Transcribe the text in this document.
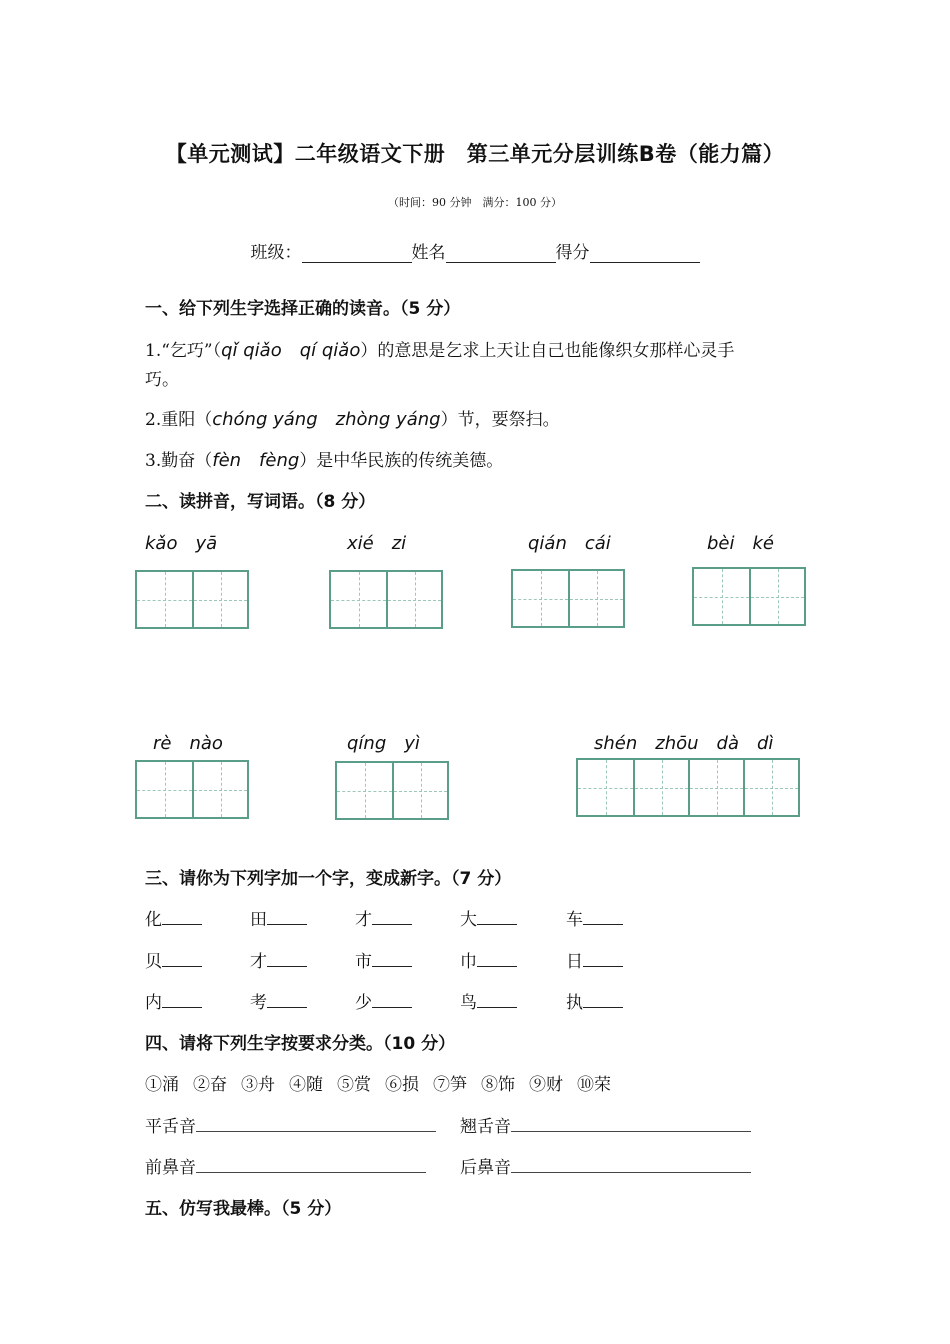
【单元测试】二年级语文下册　第三单元分层训练B卷（能力篇）
（时间：90 分钟　满分：100 分）
班级：	姓名	得分
一、给下列生字选择正确的读音。（5 分）
1.“乞巧”（qǐ qiǎo　qí qiǎo）的意思是乞求上天让自己也能像织女那样心灵手
巧。
2.重阳（chóng yáng　zhòng yáng）节，要祭扫。
3.勤奋（fèn　fèng）是中华民族的传统美德。
二、读拼音，写词语。（8 分）
kǎo　yā	xié　zi	qián　cái	bèi　ké
rè　nào	qíng　yì	shén　zhōu　dà　dì
三、请你为下列字加一个字，变成新字。（7 分）
化	田	才	大	车
贝	才	市	巾	日
内	考	少	鸟	执
四、请将下列生字按要求分类。（10 分）
①涌 ②奋 ③舟 ④随 ⑤赏 ⑥损 ⑦笋 ⑧饰 ⑨财 ⑩荣
平舌音	翘舌音
前鼻音	后鼻音
五、仿写我最棒。（5 分）
